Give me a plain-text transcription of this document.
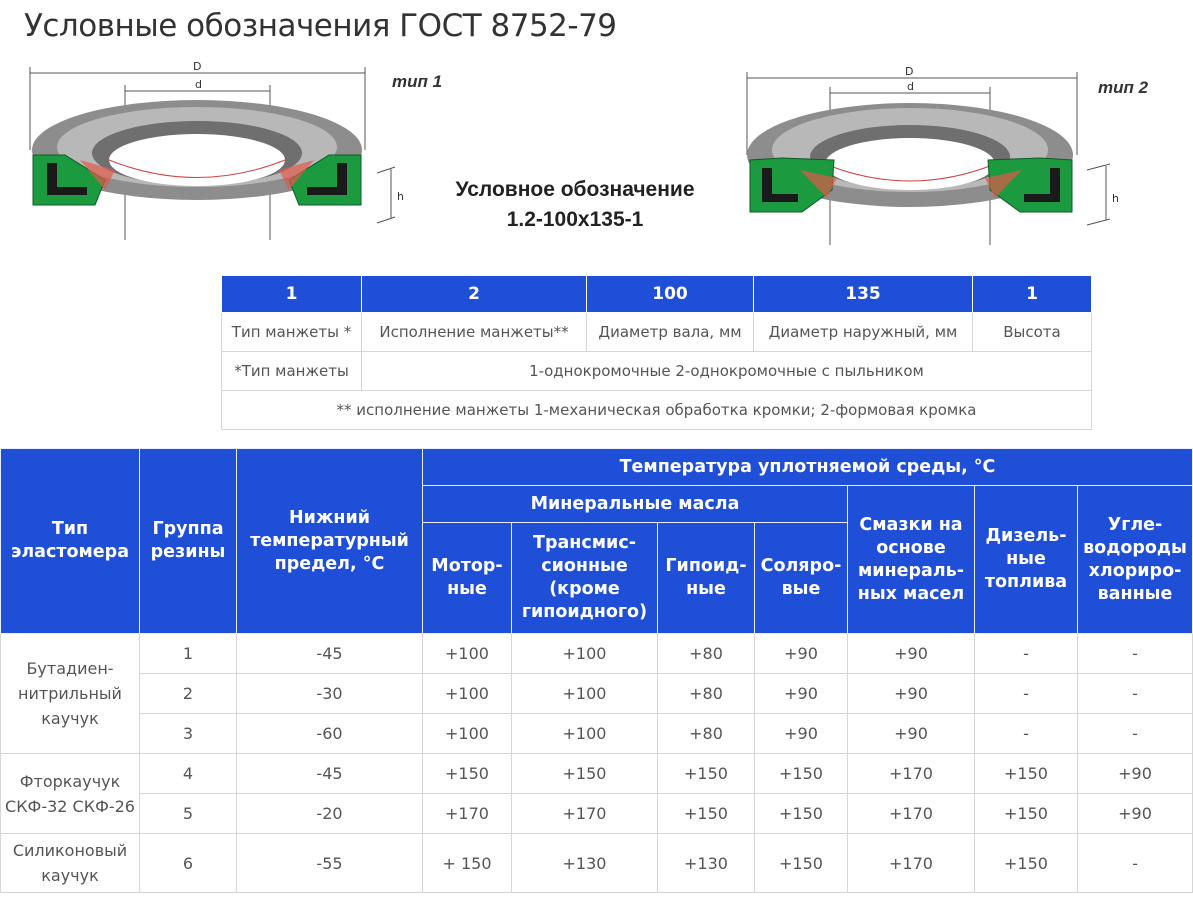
Условные обозначения ГОСТ 8752-79
D
d
h
тип 1
D
d
h
тип 2
Условное обозначение
1.2-100x135-1
1	2	100	135	1
Тип манжеты *	Исполнение манжеты**	Диаметр вала, мм	Диаметр наружный, мм	Высота
*Тип манжеты	1-однокромочные 2-однокромочные с пыльником			
** исполнение манжеты 1-механическая обработка кромки; 2-формовая кромка				
Тип эластомера	Группа резины	Нижний температурный предел, °С	Температура уплотняемой среды, °С						
			Минеральные масла				Смазки на основе минераль-ных масел	Дизель-ные топлива	Угле-водороды хлориро-ванные
			Мотор-ные	Трансмис-сионные (кроме гипоидного)	Гипоид-ные	Соляро-вые			
Бутадиен-нитрильный каучук	1	-45	+100	+100	+80	+90	+90	-	-
	2	-30	+100	+100	+80	+90	+90	-	-
	3	-60	+100	+100	+80	+90	+90	-	-
Фторкаучук СКФ-32 СКФ-26	4	-45	+150	+150	+150	+150	+170	+150	+90
	5	-20	+170	+170	+150	+150	+170	+150	+90
Силиконовый каучук	6	-55	+ 150	+130	+130	+150	+170	+150	-
